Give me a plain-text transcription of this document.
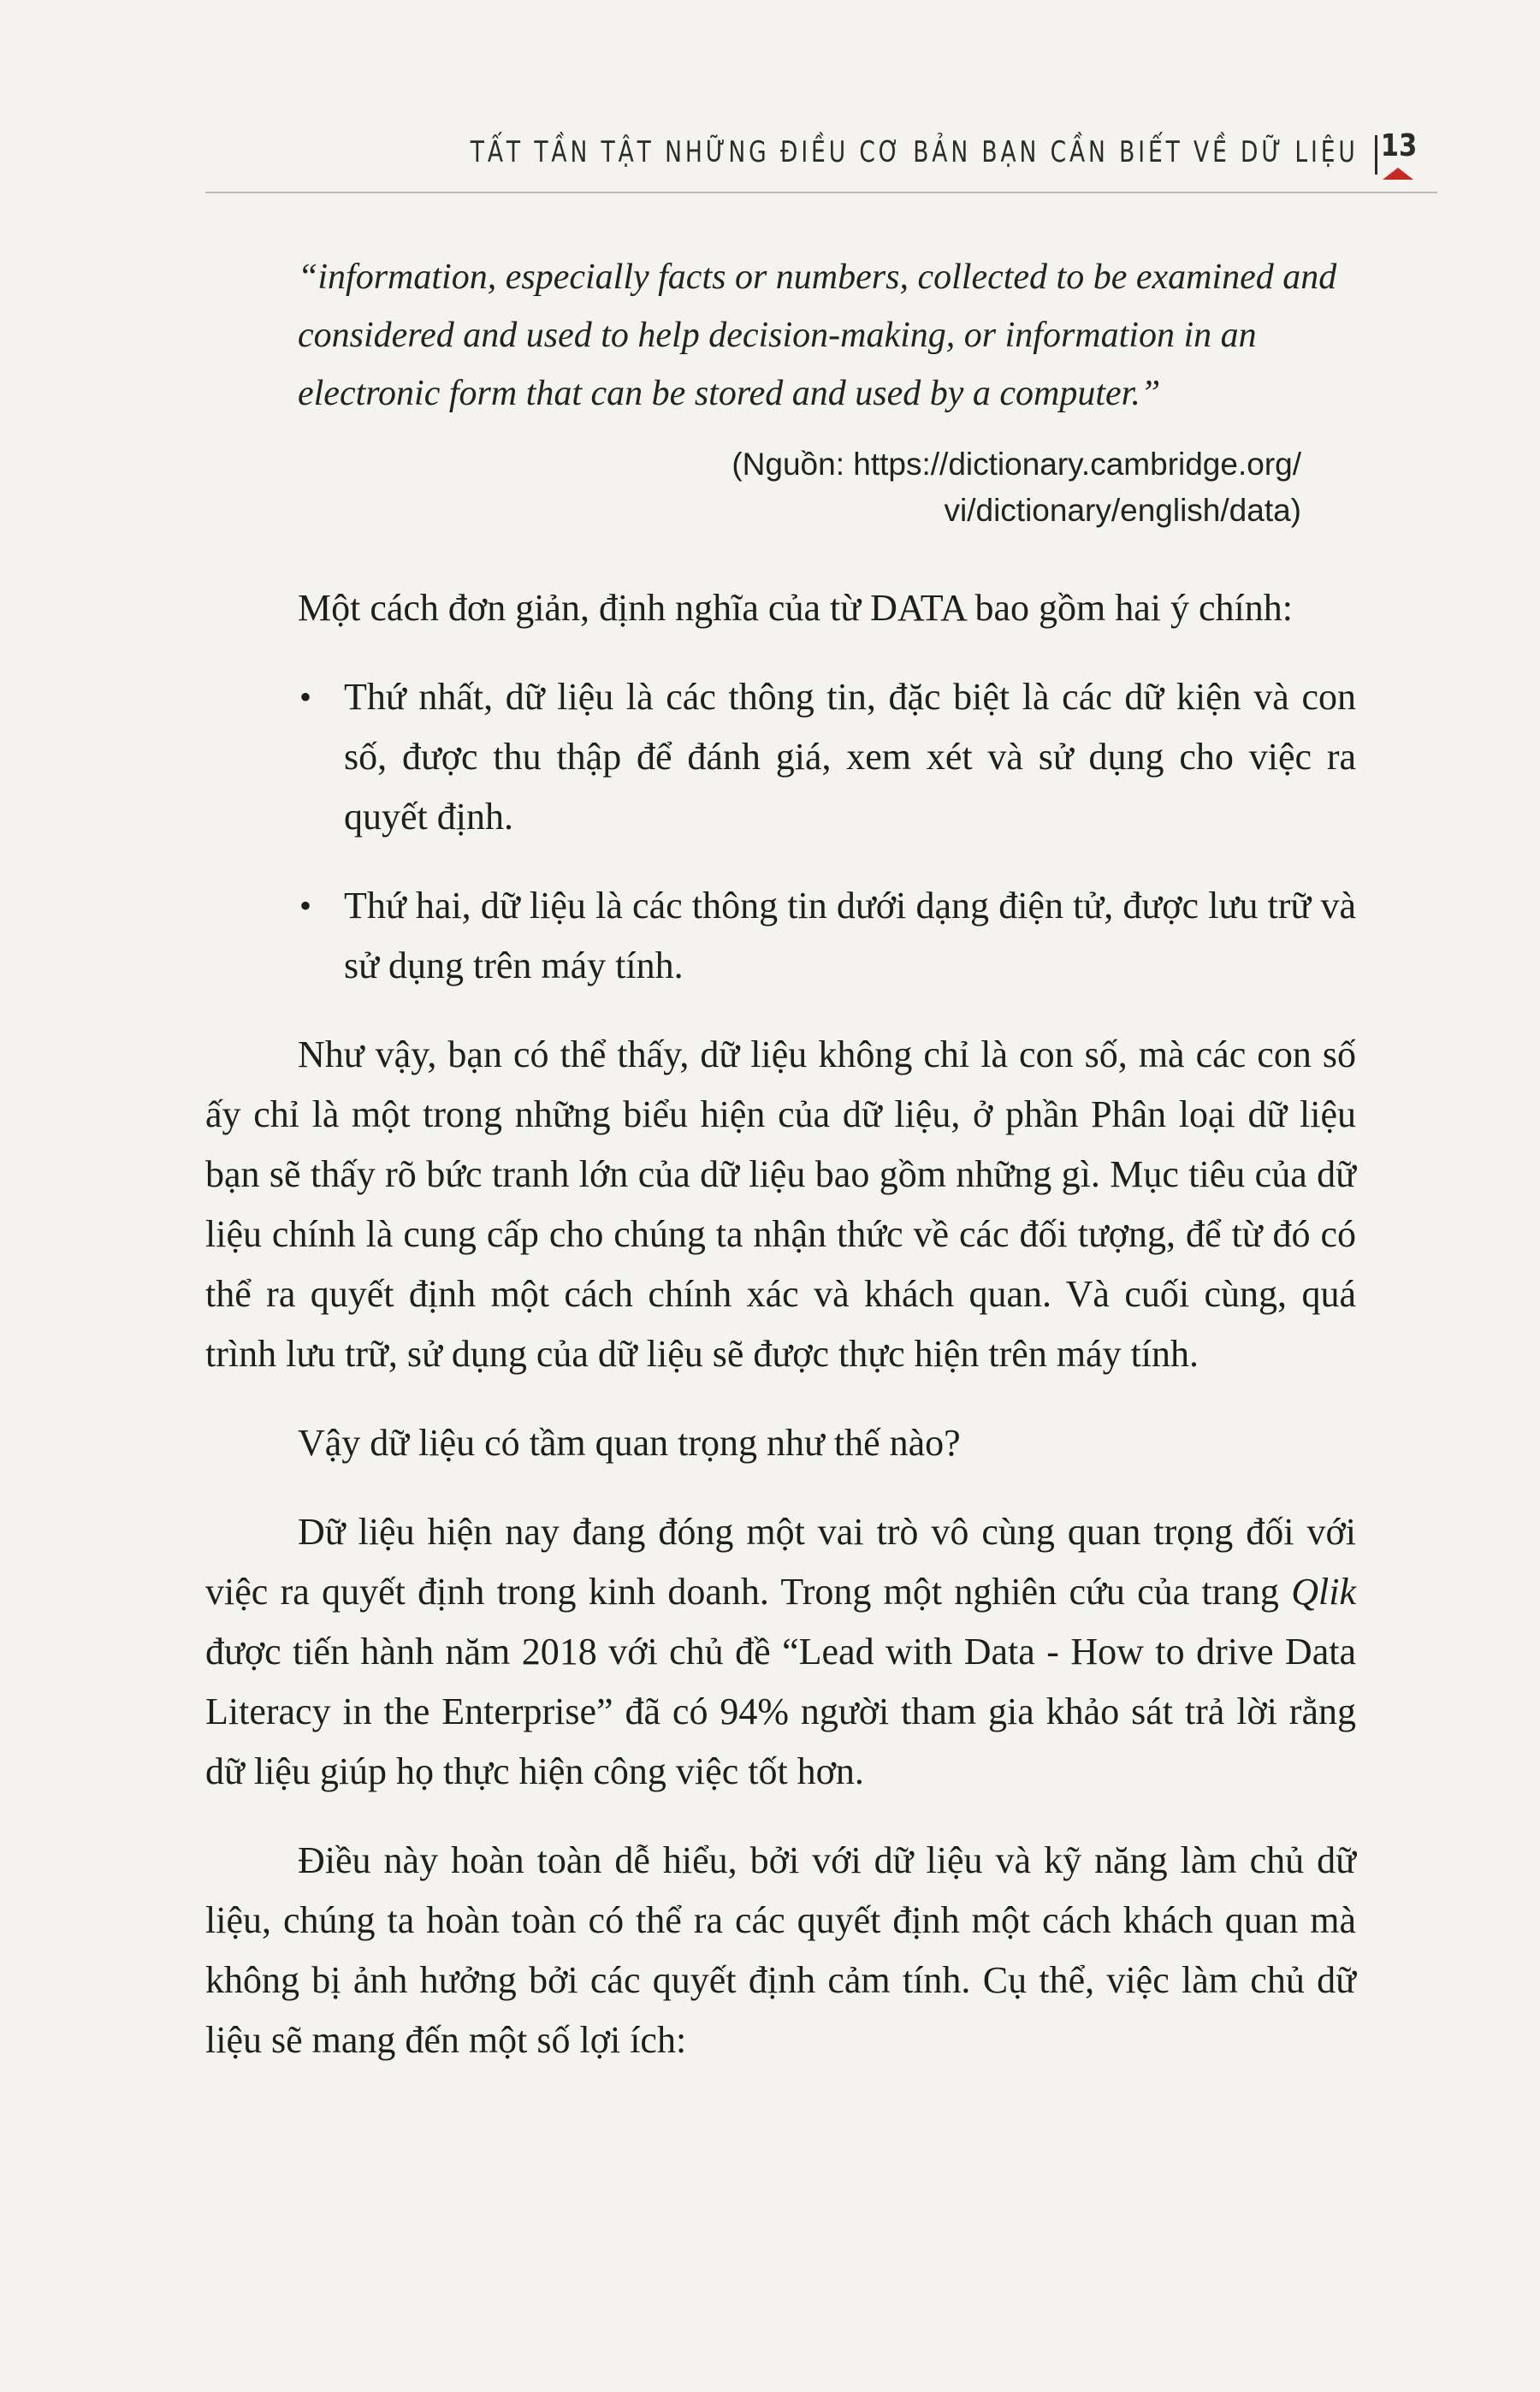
TẤT TẦN TẬT NHỮNG ĐIỀU CƠ BẢN BẠN CẦN BIẾT VỀ DỮ LIỆU 13
“information, especially facts or numbers, collected to be examined and considered and used to help decision-making, or information in an electronic form that can be stored and used by a computer.”
(Nguồn: https://dictionary.cambridge.org/
vi/dictionary/english/data)

Một cách đơn giản, định nghĩa của từ DATA bao gồm hai ý chính:

• Thứ nhất, dữ liệu là các thông tin, đặc biệt là các dữ kiện và con số, được thu thập để đánh giá, xem xét và sử dụng cho việc ra quyết định.
• Thứ hai, dữ liệu là các thông tin dưới dạng điện tử, được lưu trữ và sử dụng trên máy tính.

Như vậy, bạn có thể thấy, dữ liệu không chỉ là con số, mà các con số ấy chỉ là một trong những biểu hiện của dữ liệu, ở phần Phân loại dữ liệu bạn sẽ thấy rõ bức tranh lớn của dữ liệu bao gồm những gì. Mục tiêu của dữ liệu chính là cung cấp cho chúng ta nhận thức về các đối tượng, để từ đó có thể ra quyết định một cách chính xác và khách quan. Và cuối cùng, quá trình lưu trữ, sử dụng của dữ liệu sẽ được thực hiện trên máy tính.

Vậy dữ liệu có tầm quan trọng như thế nào?

Dữ liệu hiện nay đang đóng một vai trò vô cùng quan trọng đối với việc ra quyết định trong kinh doanh. Trong một nghiên cứu của trang Qlik được tiến hành năm 2018 với chủ đề “Lead with Data - How to drive Data Literacy in the Enterprise” đã có 94% người tham gia khảo sát trả lời rằng dữ liệu giúp họ thực hiện công việc tốt hơn.

Điều này hoàn toàn dễ hiểu, bởi với dữ liệu và kỹ năng làm chủ dữ liệu, chúng ta hoàn toàn có thể ra các quyết định một cách khách quan mà không bị ảnh hưởng bởi các quyết định cảm tính. Cụ thể, việc làm chủ dữ liệu sẽ mang đến một số lợi ích:
